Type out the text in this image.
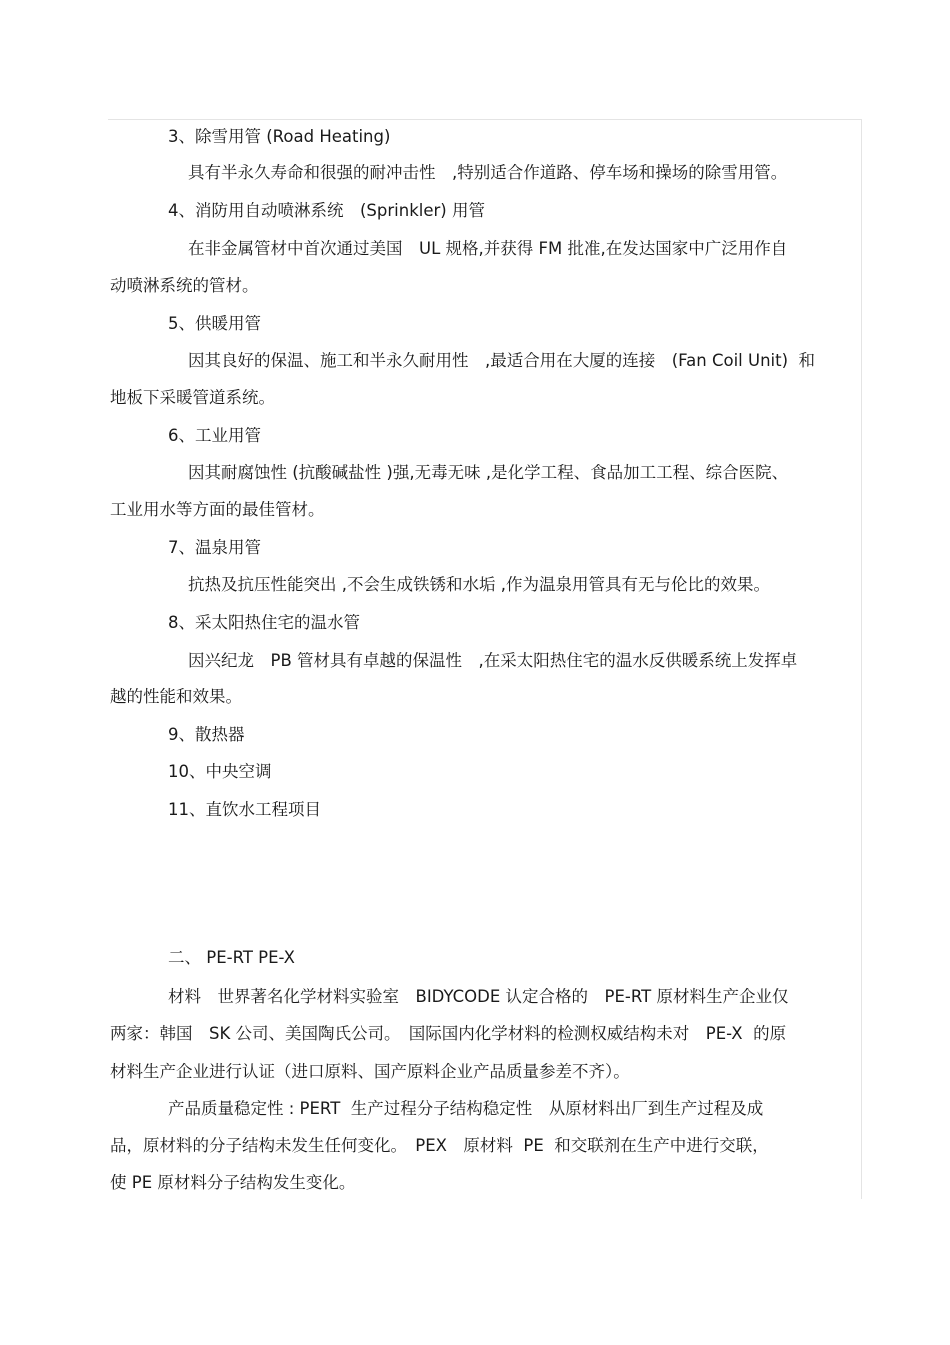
3、除雪用管 (Road Heating)
具有半永久寿命和很强的耐冲击性　,特别适合作道路、停车场和操场的除雪用管。
4、消防用自动喷淋系统　(Sprinkler) 用管
在非金属管材中首次通过美国　UL 规格,并获得 FM 批准,在发达国家中广泛用作自
动喷淋系统的管材。
5、供暖用管
因其良好的保温、施工和半永久耐用性　,最适合用在大厦的连接　(Fan Coil Unit)  和
地板下采暖管道系统。
6、工业用管
因其耐腐蚀性 (抗酸碱盐性 )强,无毒无味 ,是化学工程、食品加工工程、综合医院、
工业用水等方面的最佳管材。
7、温泉用管
抗热及抗压性能突出 ,不会生成铁锈和水垢 ,作为温泉用管具有无与伦比的效果。
8、采太阳热住宅的温水管
因兴纪龙　PB 管材具有卓越的保温性　,在采太阳热住宅的温水反供暖系统上发挥卓
越的性能和效果。
9、散热器
10、中央空调
11、直饮水工程项目
二、 PE-RT PE-X
材料　世界著名化学材料实验室　BIDYCODE 认定合格的　PE-RT 原材料生产企业仅
两家：韩国　SK 公司、美国陶氏公司。　国际国内化学材料的检测权威结构未对　PE-X  的原
材料生产企业进行认证（进口原料、国产原料企业产品质量参差不齐）。
产品质量稳定性 : PERT  生产过程分子结构稳定性　从原材料出厂到生产过程及成
品，原材料的分子结构未发生任何变化。　PEX　原材料  PE  和交联剂在生产中进行交联，
使 PE 原材料分子结构发生变化。
